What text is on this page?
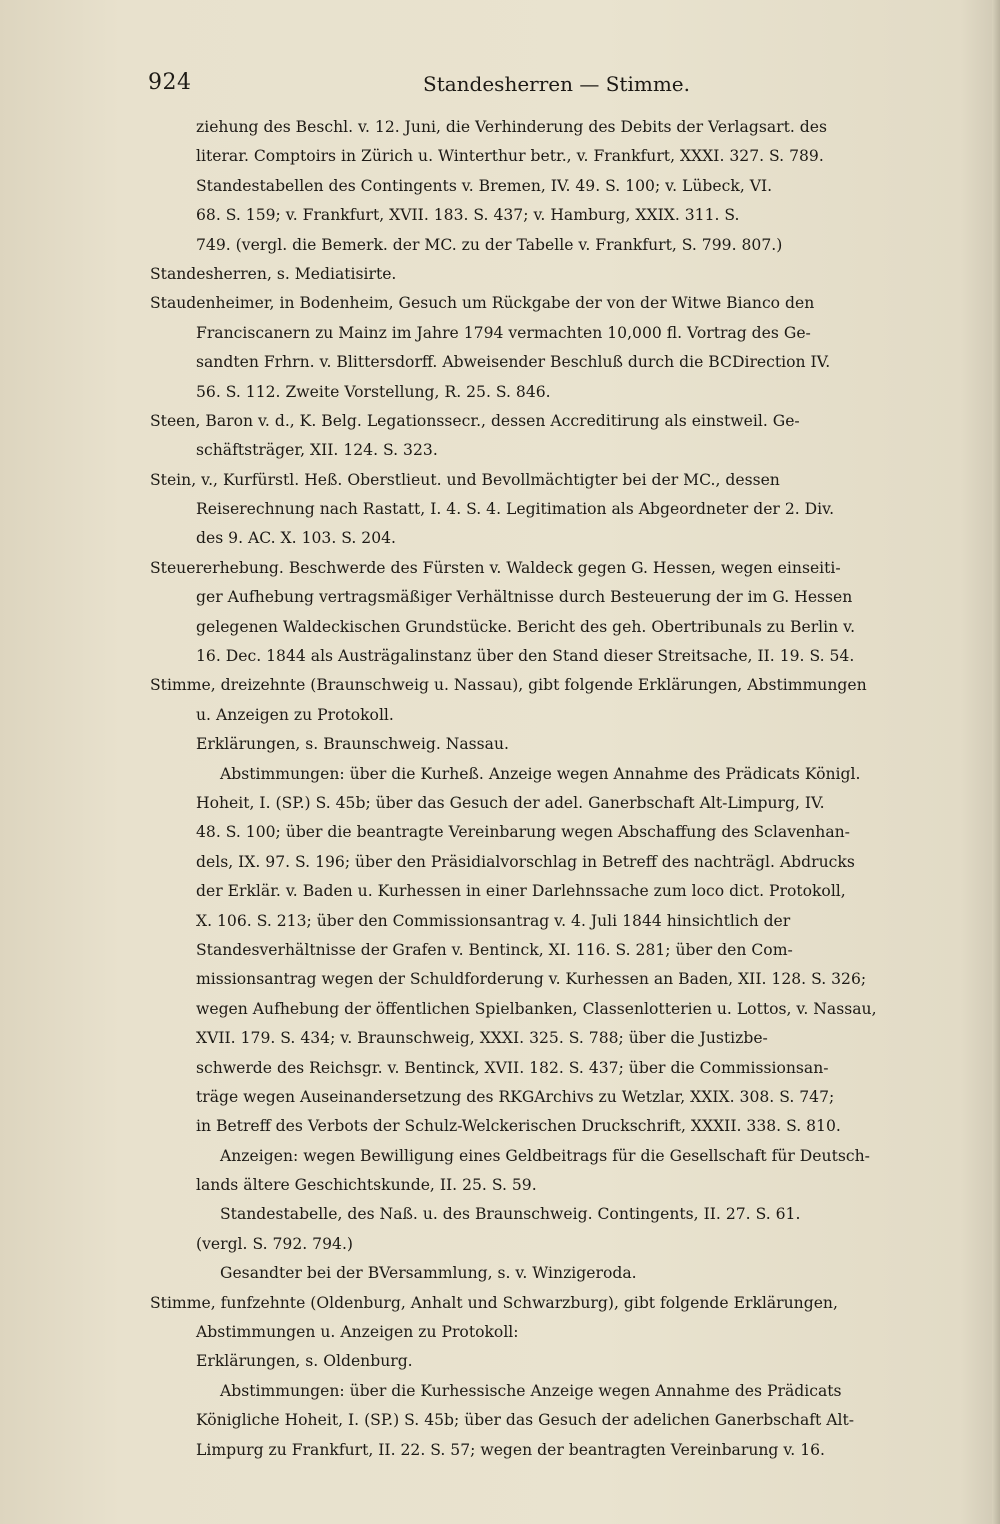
924	Standesherren — Stimme.
ziehung des Beschl. v. 12. Juni, die Verhinderung des Debits der Verlagsart. des
literar. Comptoirs in Zürich u. Winterthur betr., v. Frankfurt, XXXI. 327. S. 789.
Standestabellen des Contingents v. Bremen, IV. 49. S. 100; v. Lübeck, VI.
68. S. 159; v. Frankfurt, XVII. 183. S. 437; v. Hamburg, XXIX. 311. S.
749. (vergl. die Bemerk. der MC. zu der Tabelle v. Frankfurt, S. 799. 807.)
Standesherren, s. Mediatisirte.
Staudenheimer, in Bodenheim, Gesuch um Rückgabe der von der Witwe Bianco den
Franciscanern zu Mainz im Jahre 1794 vermachten 10,000 fl. Vortrag des Ge-
sandten Frhrn. v. Blittersdorff. Abweisender Beschluß durch die BCDirection IV.
56. S. 112. Zweite Vorstellung, R. 25. S. 846.
Steen, Baron v. d., K. Belg. Legationssecr., dessen Accreditirung als einstweil. Ge-
schäftsträger, XII. 124. S. 323.
Stein, v., Kurfürstl. Heß. Oberstlieut. und Bevollmächtigter bei der MC., dessen
Reiserechnung nach Rastatt, I. 4. S. 4. Legitimation als Abgeordneter der 2. Div.
des 9. AC. X. 103. S. 204.
Steuererhebung. Beschwerde des Fürsten v. Waldeck gegen G. Hessen, wegen einseiti-
ger Aufhebung vertragsmäßiger Verhältnisse durch Besteuerung der im G. Hessen
gelegenen Waldeckischen Grundstücke. Bericht des geh. Obertribunals zu Berlin v.
16. Dec. 1844 als Austrägalinstanz über den Stand dieser Streitsache, II. 19. S. 54.
Stimme, dreizehnte (Braunschweig u. Nassau), gibt folgende Erklärungen, Abstimmungen
u. Anzeigen zu Protokoll.
Erklärungen, s. Braunschweig. Nassau.
Abstimmungen: über die Kurheß. Anzeige wegen Annahme des Prädicats Königl.
Hoheit, I. (SP.) S. 45b; über das Gesuch der adel. Ganerbschaft Alt-Limpurg, IV.
48. S. 100; über die beantragte Vereinbarung wegen Abschaffung des Sclavenhan-
dels, IX. 97. S. 196; über den Präsidialvorschlag in Betreff des nachträgl. Abdrucks
der Erklär. v. Baden u. Kurhessen in einer Darlehnssache zum loco dict. Protokoll,
X. 106. S. 213; über den Commissionsantrag v. 4. Juli 1844 hinsichtlich der
Standesverhältnisse der Grafen v. Bentinck, XI. 116. S. 281; über den Com-
missionsantrag wegen der Schuldforderung v. Kurhessen an Baden, XII. 128. S. 326;
wegen Aufhebung der öffentlichen Spielbanken, Classenlotterien u. Lottos, v. Nassau,
XVII. 179. S. 434; v. Braunschweig, XXXI. 325. S. 788; über die Justizbe-
schwerde des Reichsgr. v. Bentinck, XVII. 182. S. 437; über die Commissionsan-
träge wegen Auseinandersetzung des RKGArchivs zu Wetzlar, XXIX. 308. S. 747;
in Betreff des Verbots der Schulz-Welckerischen Druckschrift, XXXII. 338. S. 810.
Anzeigen: wegen Bewilligung eines Geldbeitrags für die Gesellschaft für Deutsch-
lands ältere Geschichtskunde, II. 25. S. 59.
Standestabelle, des Naß. u. des Braunschweig. Contingents, II. 27. S. 61.
(vergl. S. 792. 794.)
Gesandter bei der BVersammlung, s. v. Winzigeroda.
Stimme, funfzehnte (Oldenburg, Anhalt und Schwarzburg), gibt folgende Erklärungen,
Abstimmungen u. Anzeigen zu Protokoll:
Erklärungen, s. Oldenburg.
Abstimmungen: über die Kurhessische Anzeige wegen Annahme des Prädicats
Königliche Hoheit, I. (SP.) S. 45b; über das Gesuch der adelichen Ganerbschaft Alt-
Limpurg zu Frankfurt, II. 22. S. 57; wegen der beantragten Vereinbarung v. 16.
